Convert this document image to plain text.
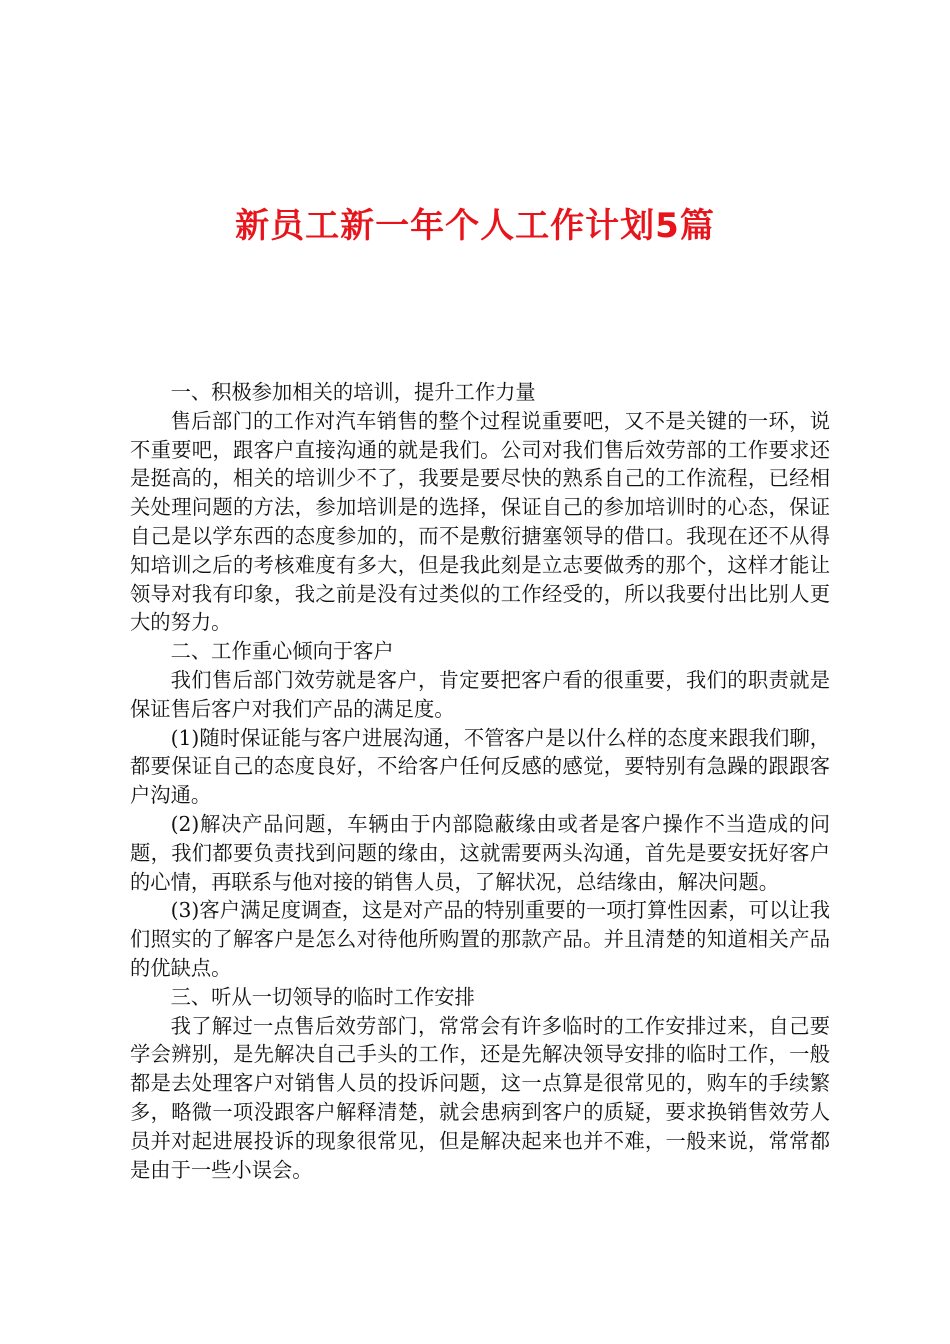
新员工新一年个人工作计划5篇

一、积极参加相关的培训，提升工作力量

售后部门的工作对汽车销售的整个过程说重要吧，又不是关键的一环，说不重要吧，跟客户直接沟通的就是我们。公司对我们售后效劳部的工作要求还是挺高的，相关的培训少不了，我要是要尽快的熟系自己的工作流程，已经相关处理问题的方法，参加培训是的选择，保证自己的参加培训时的心态，保证自己是以学东西的态度参加的，而不是敷衍搪塞领导的借口。我现在还不从得知培训之后的考核难度有多大，但是我此刻是立志要做秀的那个，这样才能让领导对我有印象，我之前是没有过类似的工作经受的，所以我要付出比别人更大的努力。

二、工作重心倾向于客户

我们售后部门效劳就是客户，肯定要把客户看的很重要，我们的职责就是保证售后客户对我们产品的满足度。

(1)随时保证能与客户进展沟通，不管客户是以什么样的态度来跟我们聊，都要保证自己的态度良好，不给客户任何反感的感觉，要特别有急躁的跟跟客户沟通。

(2)解决产品问题，车辆由于内部隐蔽缘由或者是客户操作不当造成的问题，我们都要负责找到问题的缘由，这就需要两头沟通，首先是要安抚好客户的心情，再联系与他对接的销售人员，了解状况，总结缘由，解决问题。

(3)客户满足度调查，这是对产品的特别重要的一项打算性因素，可以让我们照实的了解客户是怎么对待他所购置的那款产品。并且清楚的知道相关产品的优缺点。

三、听从一切领导的临时工作安排

我了解过一点售后效劳部门，常常会有许多临时的工作安排过来，自己要学会辨别，是先解决自己手头的工作，还是先解决领导安排的临时工作，一般都是去处理客户对销售人员的投诉问题，这一点算是很常见的，购车的手续繁多，略微一项没跟客户解释清楚，就会患病到客户的质疑，要求换销售效劳人员并对起进展投诉的现象很常见，但是解决起来也并不难，一般来说，常常都是由于一些小误会。
